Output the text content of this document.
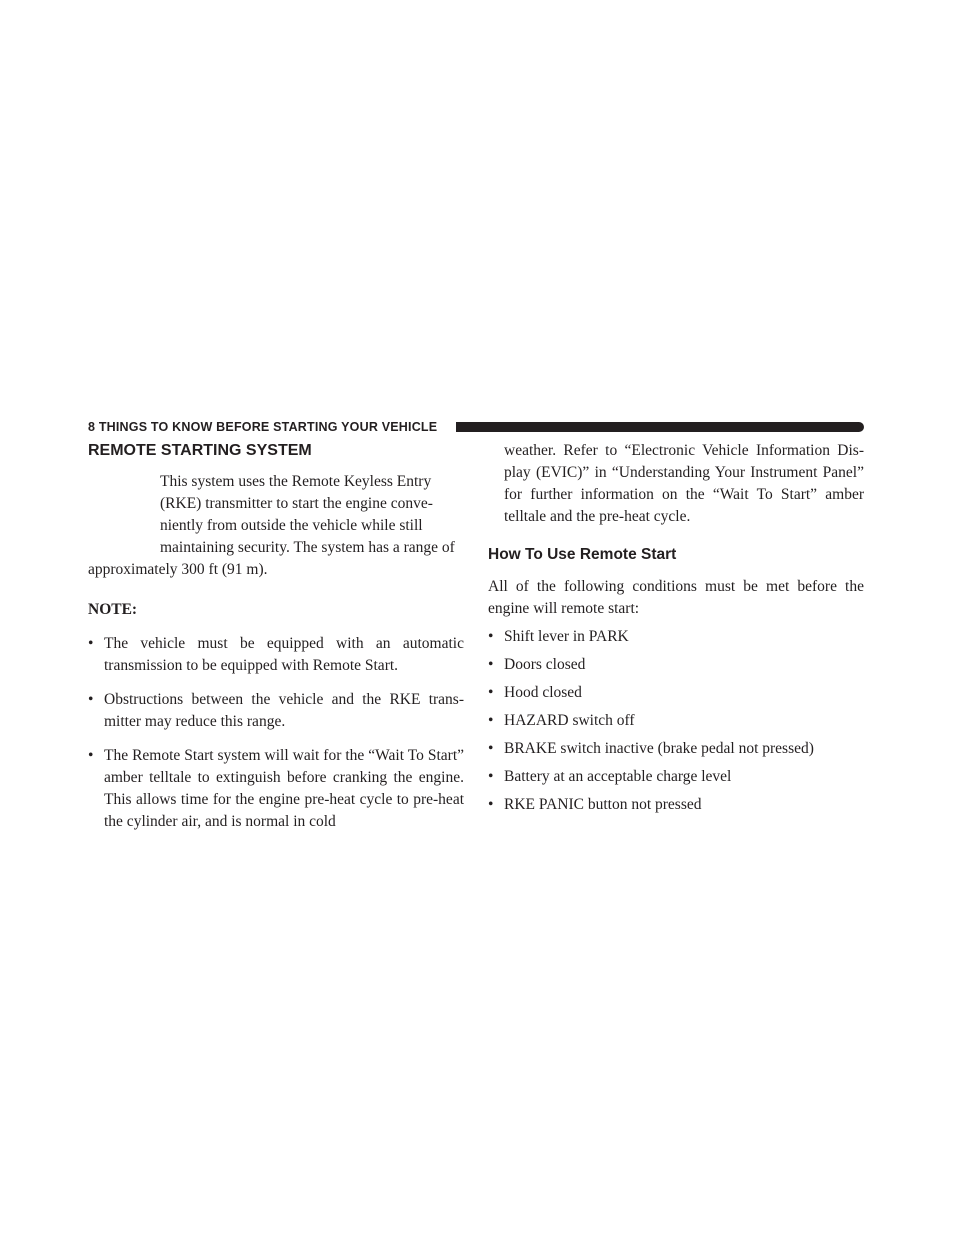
8 THINGS TO KNOW BEFORE STARTING YOUR VEHICLE
REMOTE STARTING SYSTEM
This system uses the Remote Keyless Entry
(RKE) transmitter to start the engine conve-
niently from outside the vehicle while still
maintaining security. The system has a range of

approximately 300 ft (91 m).

NOTE:
• The vehicle must be equipped with an automatic transmission to be equipped with Remote Start.
• Obstructions between the vehicle and the RKE trans- mitter may reduce this range.
• The Remote Start system will wait for the “Wait To Start” amber telltale to extinguish before cranking the engine. This allows time for the engine pre-heat cycle to pre-heat the cylinder air, and is normal in cold

weather. Refer to “Electronic Vehicle Information Dis- play (EVIC)” in “Understanding Your Instrument Panel” for further information on the “Wait To Start” amber telltale and the pre-heat cycle.

How To Use Remote Start

All of the following conditions must be met before the engine will remote start:

• Shift lever in PARK
• Doors closed
• Hood closed
• HAZARD switch off
• BRAKE switch inactive (brake pedal not pressed)
• Battery at an acceptable charge level
• RKE PANIC button not pressed
